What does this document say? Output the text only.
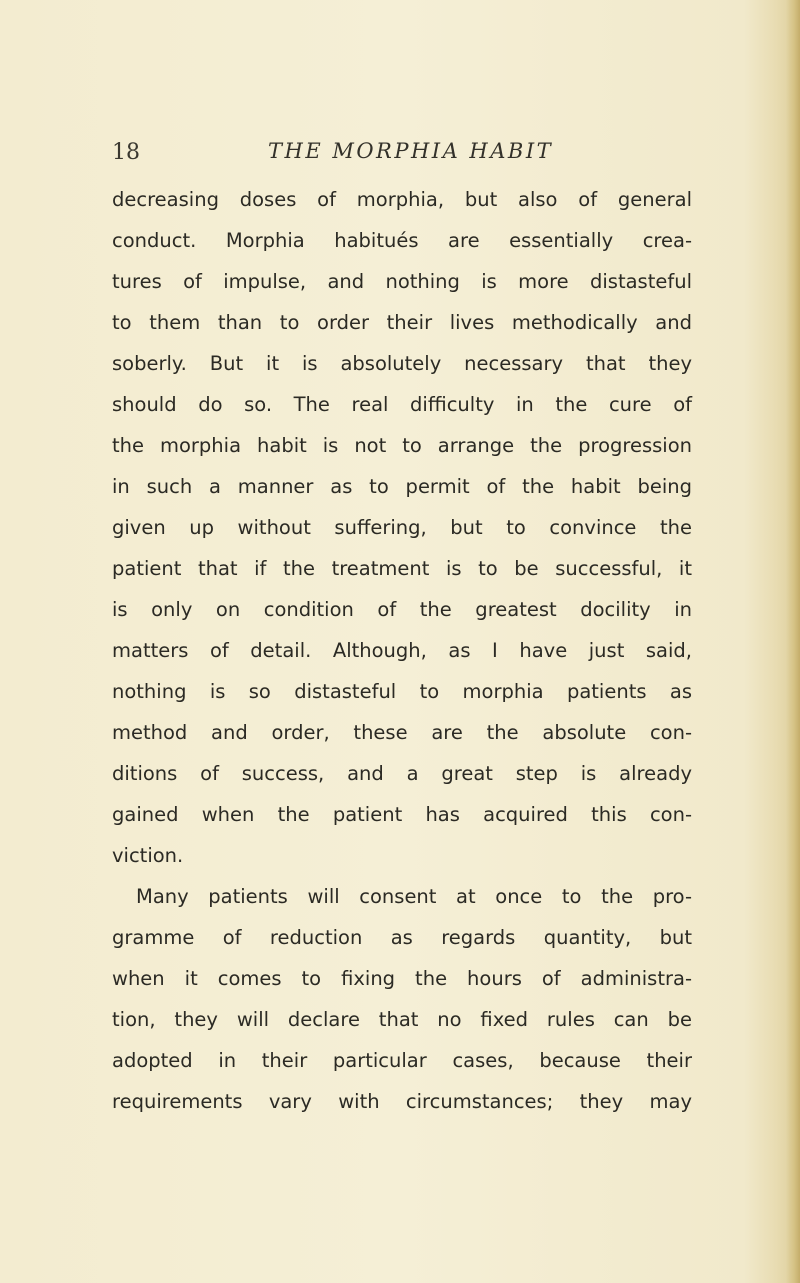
18	THE MORPHIA HABIT
decreasing doses of morphia, but also of general
conduct. Morphia habitués are essentially crea-
tures of impulse, and nothing is more distasteful
to them than to order their lives methodically and
soberly. But it is absolutely necessary that they
should do so. The real difficulty in the cure of
the morphia habit is not to arrange the progression
in such a manner as to permit of the habit being
given up without suffering, but to convince the
patient that if the treatment is to be successful, it
is only on condition of the greatest docility in
matters of detail. Although, as I have just said,
nothing is so distasteful to morphia patients as
method and order, these are the absolute con-
ditions of success, and a great step is already
gained when the patient has acquired this con-
viction.
Many patients will consent at once to the pro-
gramme of reduction as regards quantity, but
when it comes to fixing the hours of administra-
tion, they will declare that no fixed rules can be
adopted in their particular cases, because their
requirements vary with circumstances; they may
